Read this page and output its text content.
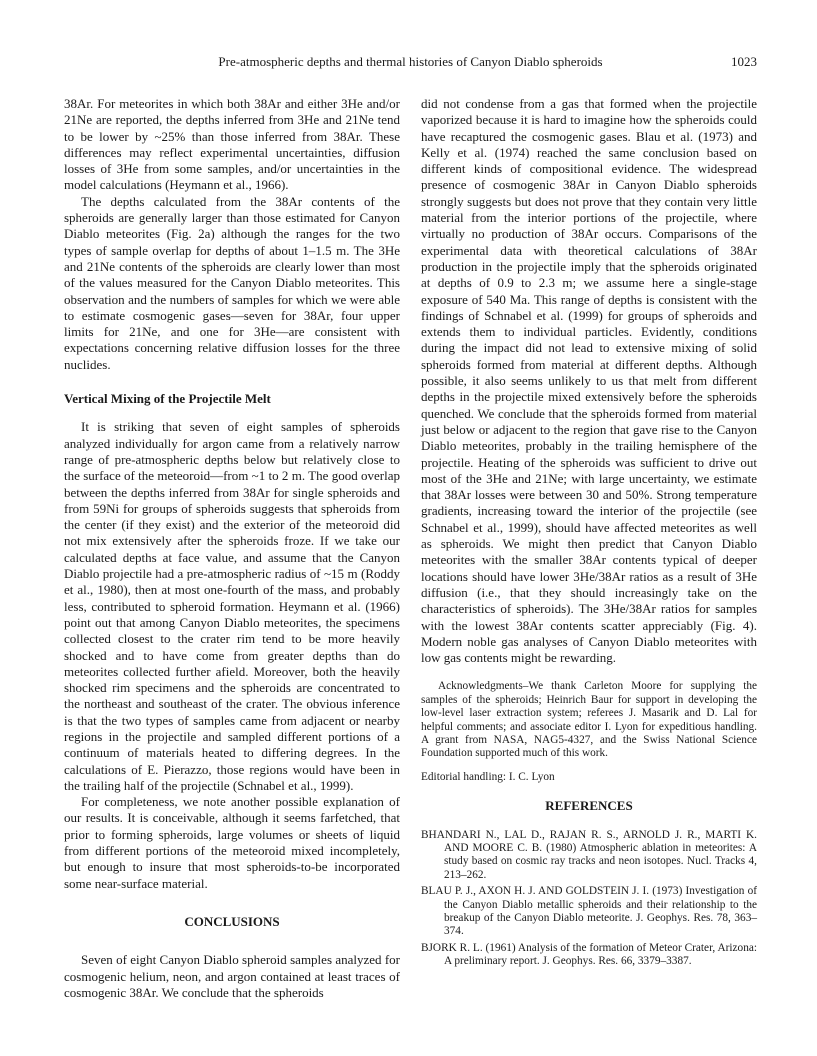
Pre-atmospheric depths and thermal histories of Canyon Diablo spheroids	1023

38Ar. For meteorites in which both 38Ar and either 3He and/or 21Ne are reported, the depths inferred from 3He and 21Ne tend to be lower by ~25% than those inferred from 38Ar. These differences may reflect experimental uncertainties, diffusion losses of 3He from some samples, and/or uncertainties in the model calculations (Heymann et al., 1966).

The depths calculated from the 38Ar contents of the spheroids are generally larger than those estimated for Canyon Diablo meteorites (Fig. 2a) although the ranges for the two types of sample overlap for depths of about 1–1.5 m. The 3He and 21Ne contents of the spheroids are clearly lower than most of the values measured for the Canyon Diablo meteorites. This observation and the numbers of samples for which we were able to estimate cosmogenic gases—seven for 38Ar, four upper limits for 21Ne, and one for 3He—are consistent with expectations concerning relative diffusion losses for the three nuclides.

Vertical Mixing of the Projectile Melt

It is striking that seven of eight samples of spheroids analyzed individually for argon came from a relatively narrow range of pre-atmospheric depths below but relatively close to the surface of the meteoroid—from ~1 to 2 m. The good overlap between the depths inferred from 38Ar for single spheroids and from 59Ni for groups of spheroids suggests that spheroids from the center (if they exist) and the exterior of the meteoroid did not mix extensively after the spheroids froze. If we take our calculated depths at face value, and assume that the Canyon Diablo projectile had a pre-atmospheric radius of ~15 m (Roddy et al., 1980), then at most one-fourth of the mass, and probably less, contributed to spheroid formation. Heymann et al. (1966) point out that among Canyon Diablo meteorites, the specimens collected closest to the crater rim tend to be more heavily shocked and to have come from greater depths than do meteorites collected further afield. Moreover, both the heavily shocked rim specimens and the spheroids are concentrated to the northeast and southeast of the crater. The obvious inference is that the two types of samples came from adjacent or nearby regions in the projectile and sampled different portions of a continuum of materials heated to differing degrees. In the calculations of E. Pierazzo, those regions would have been in the trailing half of the projectile (Schnabel et al., 1999).

For completeness, we note another possible explanation of our results. It is conceivable, although it seems farfetched, that prior to forming spheroids, large volumes or sheets of liquid from different portions of the meteoroid mixed incompletely, but enough to insure that most spheroids-to-be incorporated some near-surface material.

CONCLUSIONS

Seven of eight Canyon Diablo spheroid samples analyzed for cosmogenic helium, neon, and argon contained at least traces of cosmogenic 38Ar. We conclude that the spheroids

did not condense from a gas that formed when the projectile vaporized because it is hard to imagine how the spheroids could have recaptured the cosmogenic gases. Blau et al. (1973) and Kelly et al. (1974) reached the same conclusion based on different kinds of compositional evidence. The widespread presence of cosmogenic 38Ar in Canyon Diablo spheroids strongly suggests but does not prove that they contain very little material from the interior portions of the projectile, where virtually no production of 38Ar occurs. Comparisons of the experimental data with theoretical calculations of 38Ar production in the projectile imply that the spheroids originated at depths of 0.9 to 2.3 m; we assume here a single-stage exposure of 540 Ma. This range of depths is consistent with the findings of Schnabel et al. (1999) for groups of spheroids and extends them to individual particles. Evidently, conditions during the impact did not lead to extensive mixing of solid spheroids formed from material at different depths. Although possible, it also seems unlikely to us that melt from different depths in the projectile mixed extensively before the spheroids quenched. We conclude that the spheroids formed from material just below or adjacent to the region that gave rise to the Canyon Diablo meteorites, probably in the trailing hemisphere of the projectile. Heating of the spheroids was sufficient to drive out most of the 3He and 21Ne; with large uncertainty, we estimate that 38Ar losses were between 30 and 50%. Strong temperature gradients, increasing toward the interior of the projectile (see Schnabel et al., 1999), should have affected meteorites as well as spheroids. We might then predict that Canyon Diablo meteorites with the smaller 38Ar contents typical of deeper locations should have lower 3He/38Ar ratios as a result of 3He diffusion (i.e., that they should increasingly take on the characteristics of spheroids). The 3He/38Ar ratios for samples with the lowest 38Ar contents scatter appreciably (Fig. 4). Modern noble gas analyses of Canyon Diablo meteorites with low gas contents might be rewarding.

Acknowledgments–We thank Carleton Moore for supplying the samples of the spheroids; Heinrich Baur for support in developing the low-level laser extraction system; referees J. Masarik and D. Lal for helpful comments; and associate editor I. Lyon for expeditious handling. A grant from NASA, NAG5-4327, and the Swiss National Science Foundation supported much of this work.

Editorial handling: I. C. Lyon

REFERENCES

BHANDARI N., LAL D., RAJAN R. S., ARNOLD J. R., MARTI K. AND MOORE C. B. (1980) Atmospheric ablation in meteorites: A study based on cosmic ray tracks and neon isotopes. Nucl. Tracks 4, 213–262.

BLAU P. J., AXON H. J. AND GOLDSTEIN J. I. (1973) Investigation of the Canyon Diablo metallic spheroids and their relationship to the breakup of the Canyon Diablo meteorite. J. Geophys. Res. 78, 363–374.

BJORK R. L. (1961) Analysis of the formation of Meteor Crater, Arizona: A preliminary report. J. Geophys. Res. 66, 3379–3387.
